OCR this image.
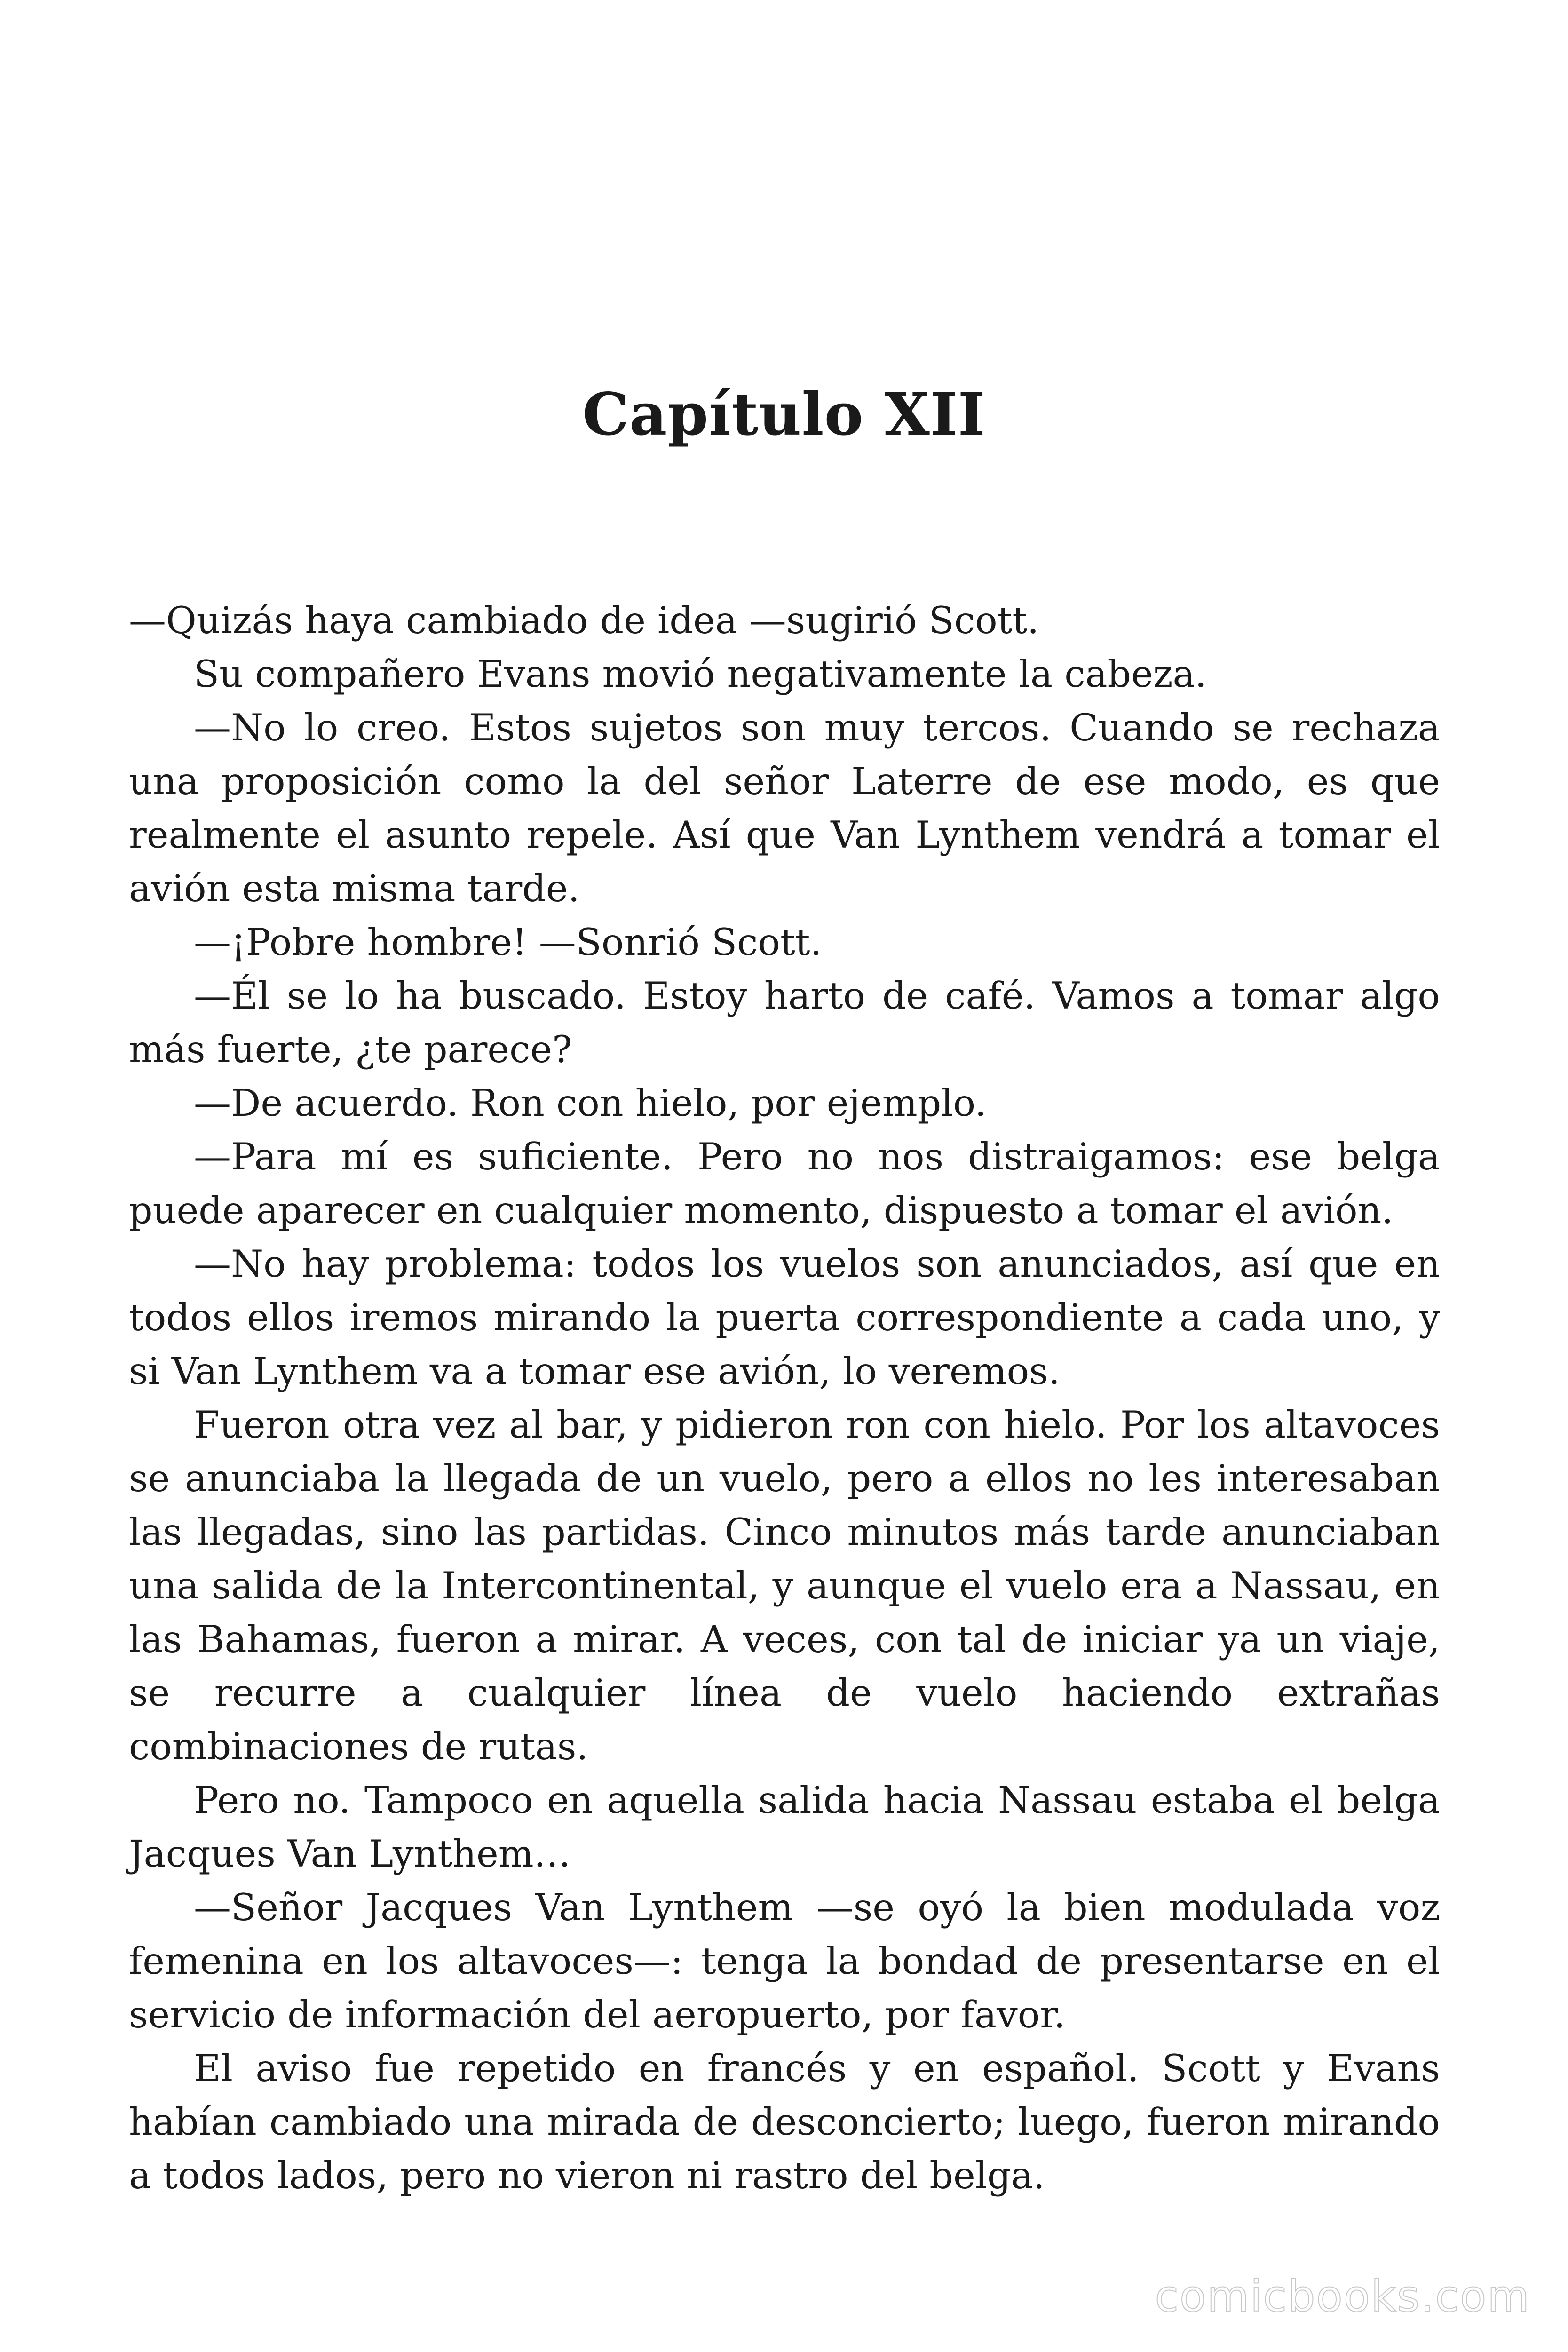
Capítulo XII

—Quizás haya cambiado de idea —sugirió Scott.

Su compañero Evans movió negativamente la cabeza.

—No lo creo. Estos sujetos son muy tercos. Cuando se rechaza una proposición como la del señor Laterre de ese modo, es que realmente el asunto repele. Así que Van Lynthem vendrá a tomar el avión esta misma tarde.

—¡Pobre hombre! —Sonrió Scott.

—Él se lo ha buscado. Estoy harto de café. Vamos a tomar algo más fuerte, ¿te parece?

—De acuerdo. Ron con hielo, por ejemplo.

—Para mí es suficiente. Pero no nos distraigamos: ese belga puede aparecer en cualquier momento, dispuesto a tomar el avión.

—No hay problema: todos los vuelos son anunciados, así que en todos ellos iremos mirando la puerta correspondiente a cada uno, y si Van Lynthem va a tomar ese avión, lo veremos.

Fueron otra vez al bar, y pidieron ron con hielo. Por los altavoces se anunciaba la llegada de un vuelo, pero a ellos no les interesaban las llegadas, sino las partidas. Cinco minutos más tarde anunciaban una salida de la Intercontinental, y aunque el vuelo era a Nassau, en las Bahamas, fueron a mirar. A veces, con tal de iniciar ya un viaje, se recurre a cualquier línea de vuelo haciendo extrañas combinaciones de rutas.

Pero no. Tampoco en aquella salida hacia Nassau estaba el belga Jacques Van Lynthem…

—Señor Jacques Van Lynthem —se oyó la bien modulada voz femenina en los altavoces—: tenga la bondad de presentarse en el servicio de información del aeropuerto, por favor.

El aviso fue repetido en francés y en español. Scott y Evans habían cambiado una mirada de desconcierto; luego, fueron mirando a todos lados, pero no vieron ni rastro del belga.

comicbooks.com
